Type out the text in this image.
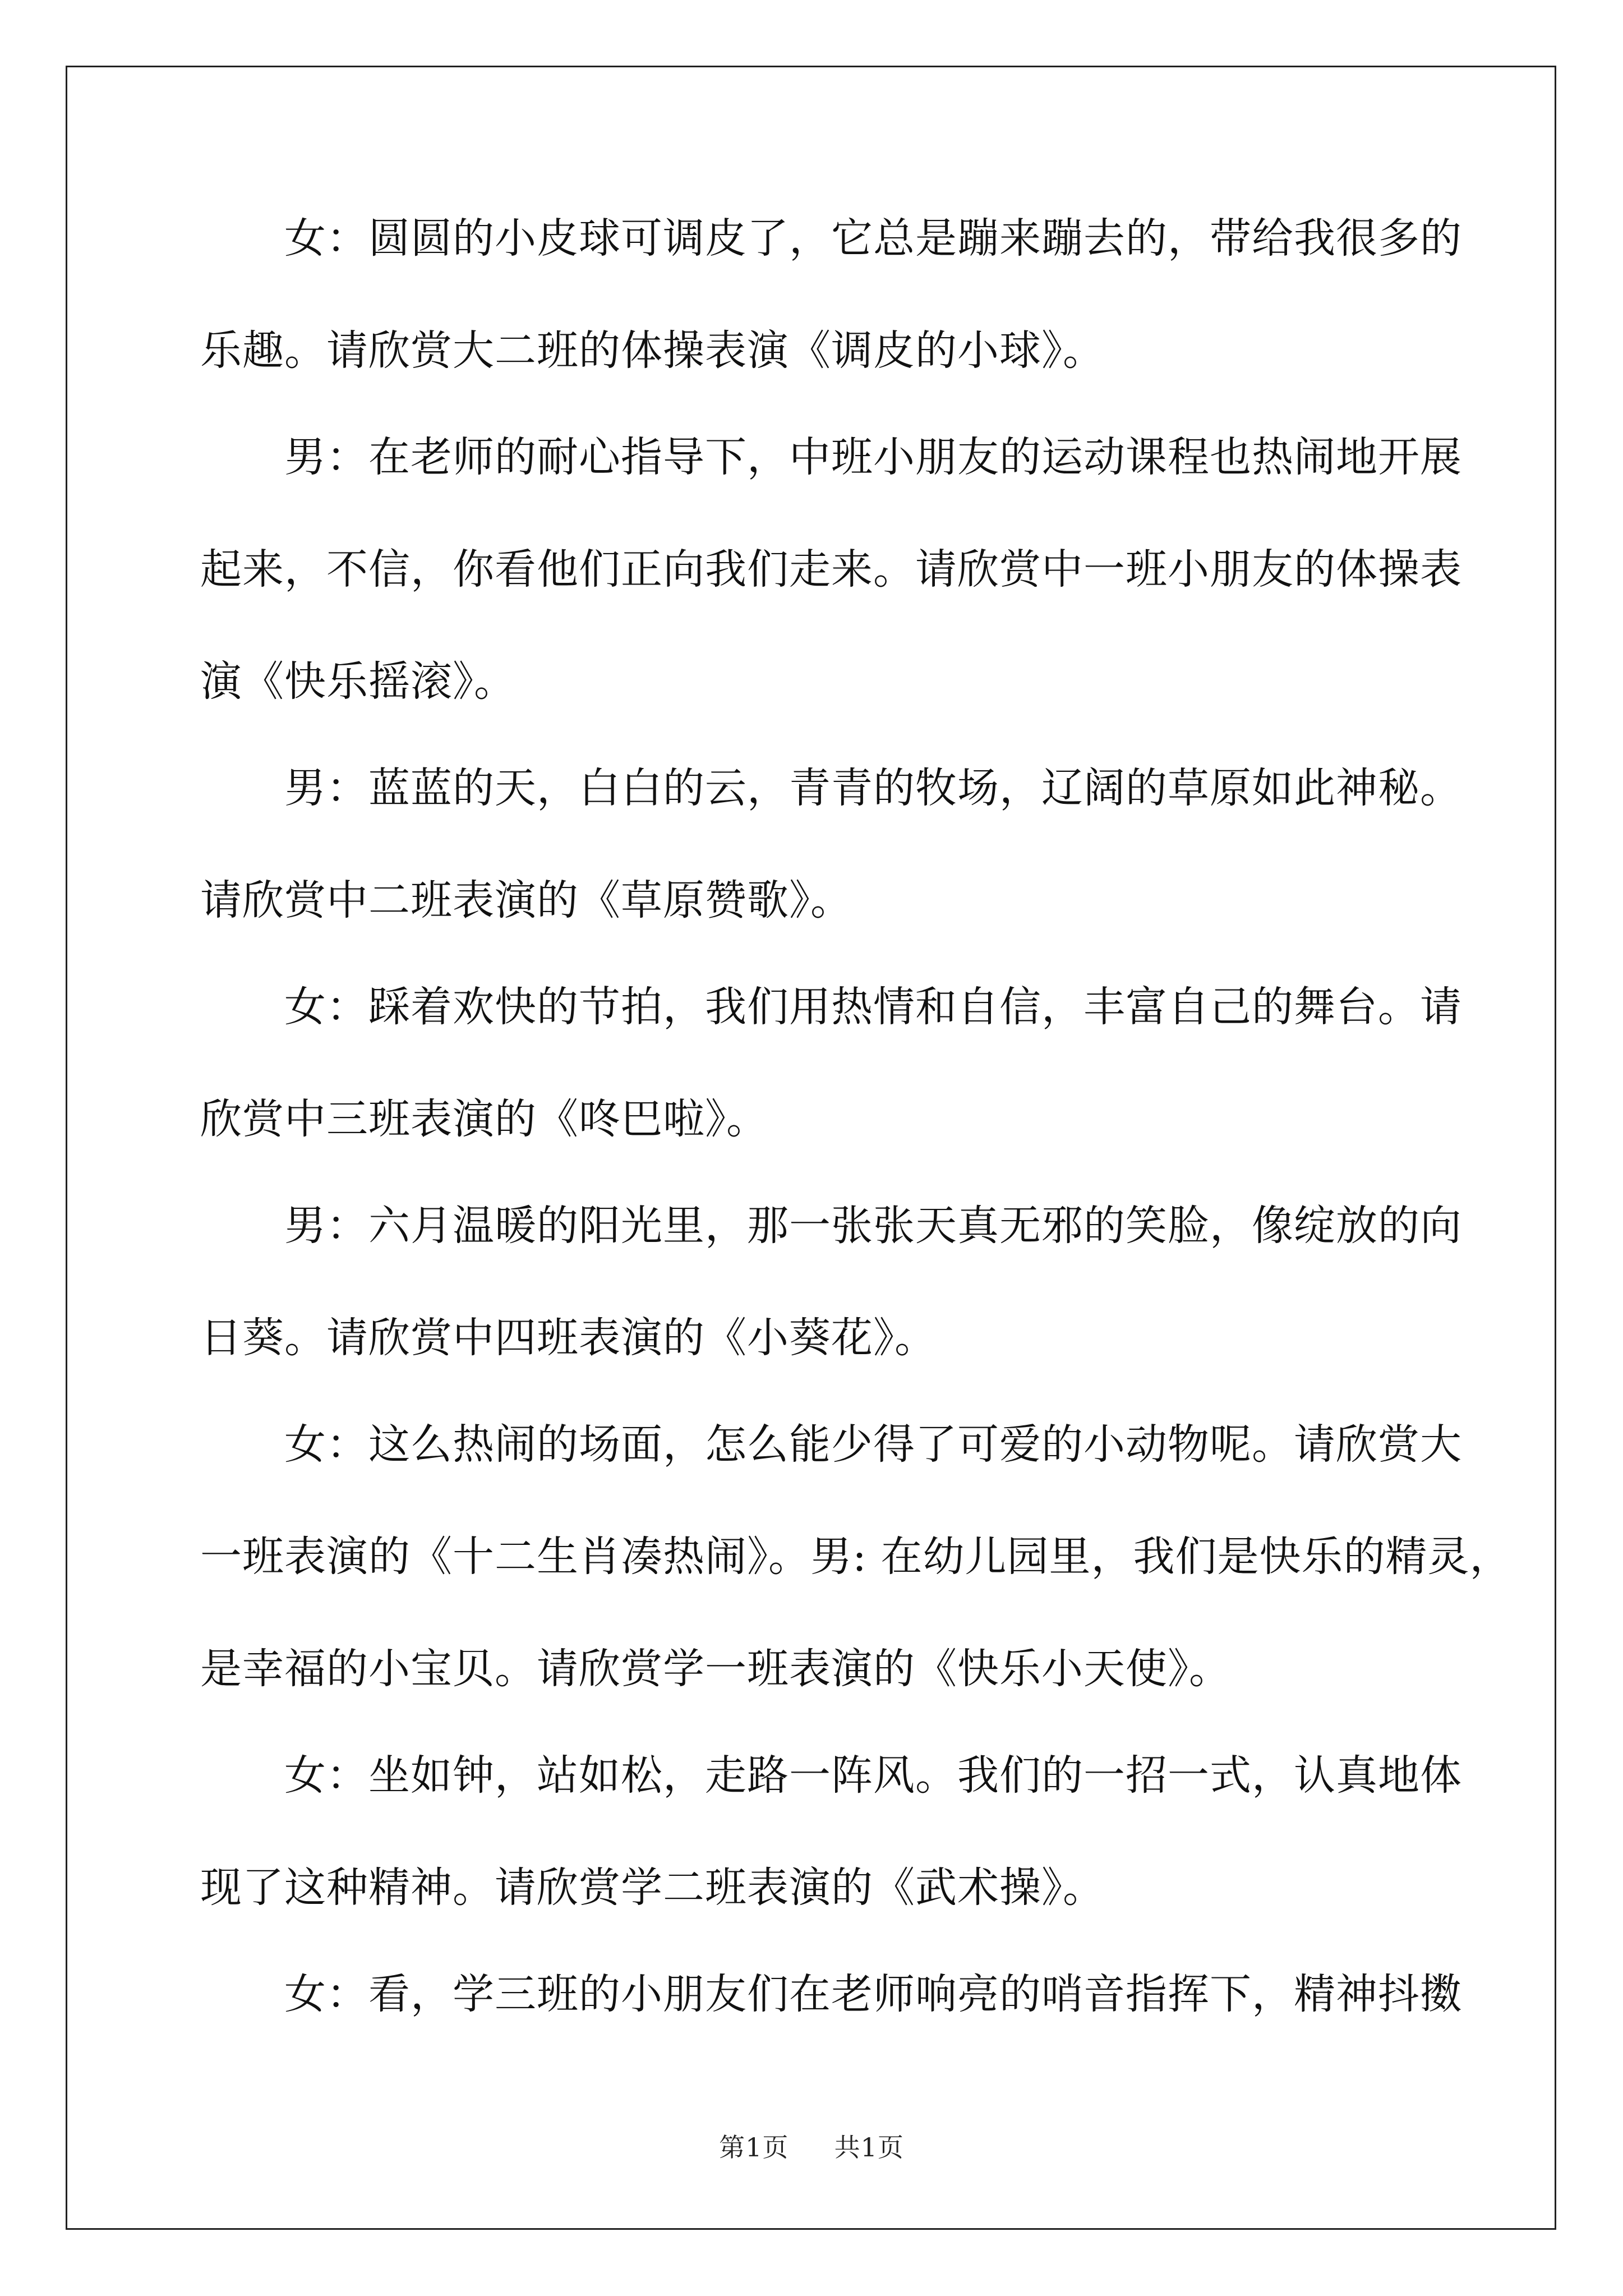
女：圆圆的小皮球可调皮了，它总是蹦来蹦去的，带给我很多的
乐趣。请欣赏大二班的体操表演《调皮的小球》。
男：在老师的耐心指导下，中班小朋友的运动课程也热闹地开展
起来，不信，你看他们正向我们走来。请欣赏中一班小朋友的体操表
演《快乐摇滚》。
男：蓝蓝的天，白白的云，青青的牧场，辽阔的草原如此神秘。
请欣赏中二班表演的《草原赞歌》。
女：踩着欢快的节拍，我们用热情和自信，丰富自己的舞台。请
欣赏中三班表演的《咚巴啦》。
男：六月温暖的阳光里，那一张张天真无邪的笑脸，像绽放的向
日葵。请欣赏中四班表演的《小葵花》。
女：这么热闹的场面，怎么能少得了可爱的小动物呢。请欣赏大
一班表演的《十二生肖凑热闹》。男: 在幼儿园里，我们是快乐的精灵，
是幸福的小宝贝。请欣赏学一班表演的《快乐小天使》。
女：坐如钟，站如松，走路一阵风。我们的一招一式，认真地体
现了这种精神。请欣赏学二班表演的《武术操》。
女：看，学三班的小朋友们在老师响亮的哨音指挥下，精神抖擞
第1页 共1页
